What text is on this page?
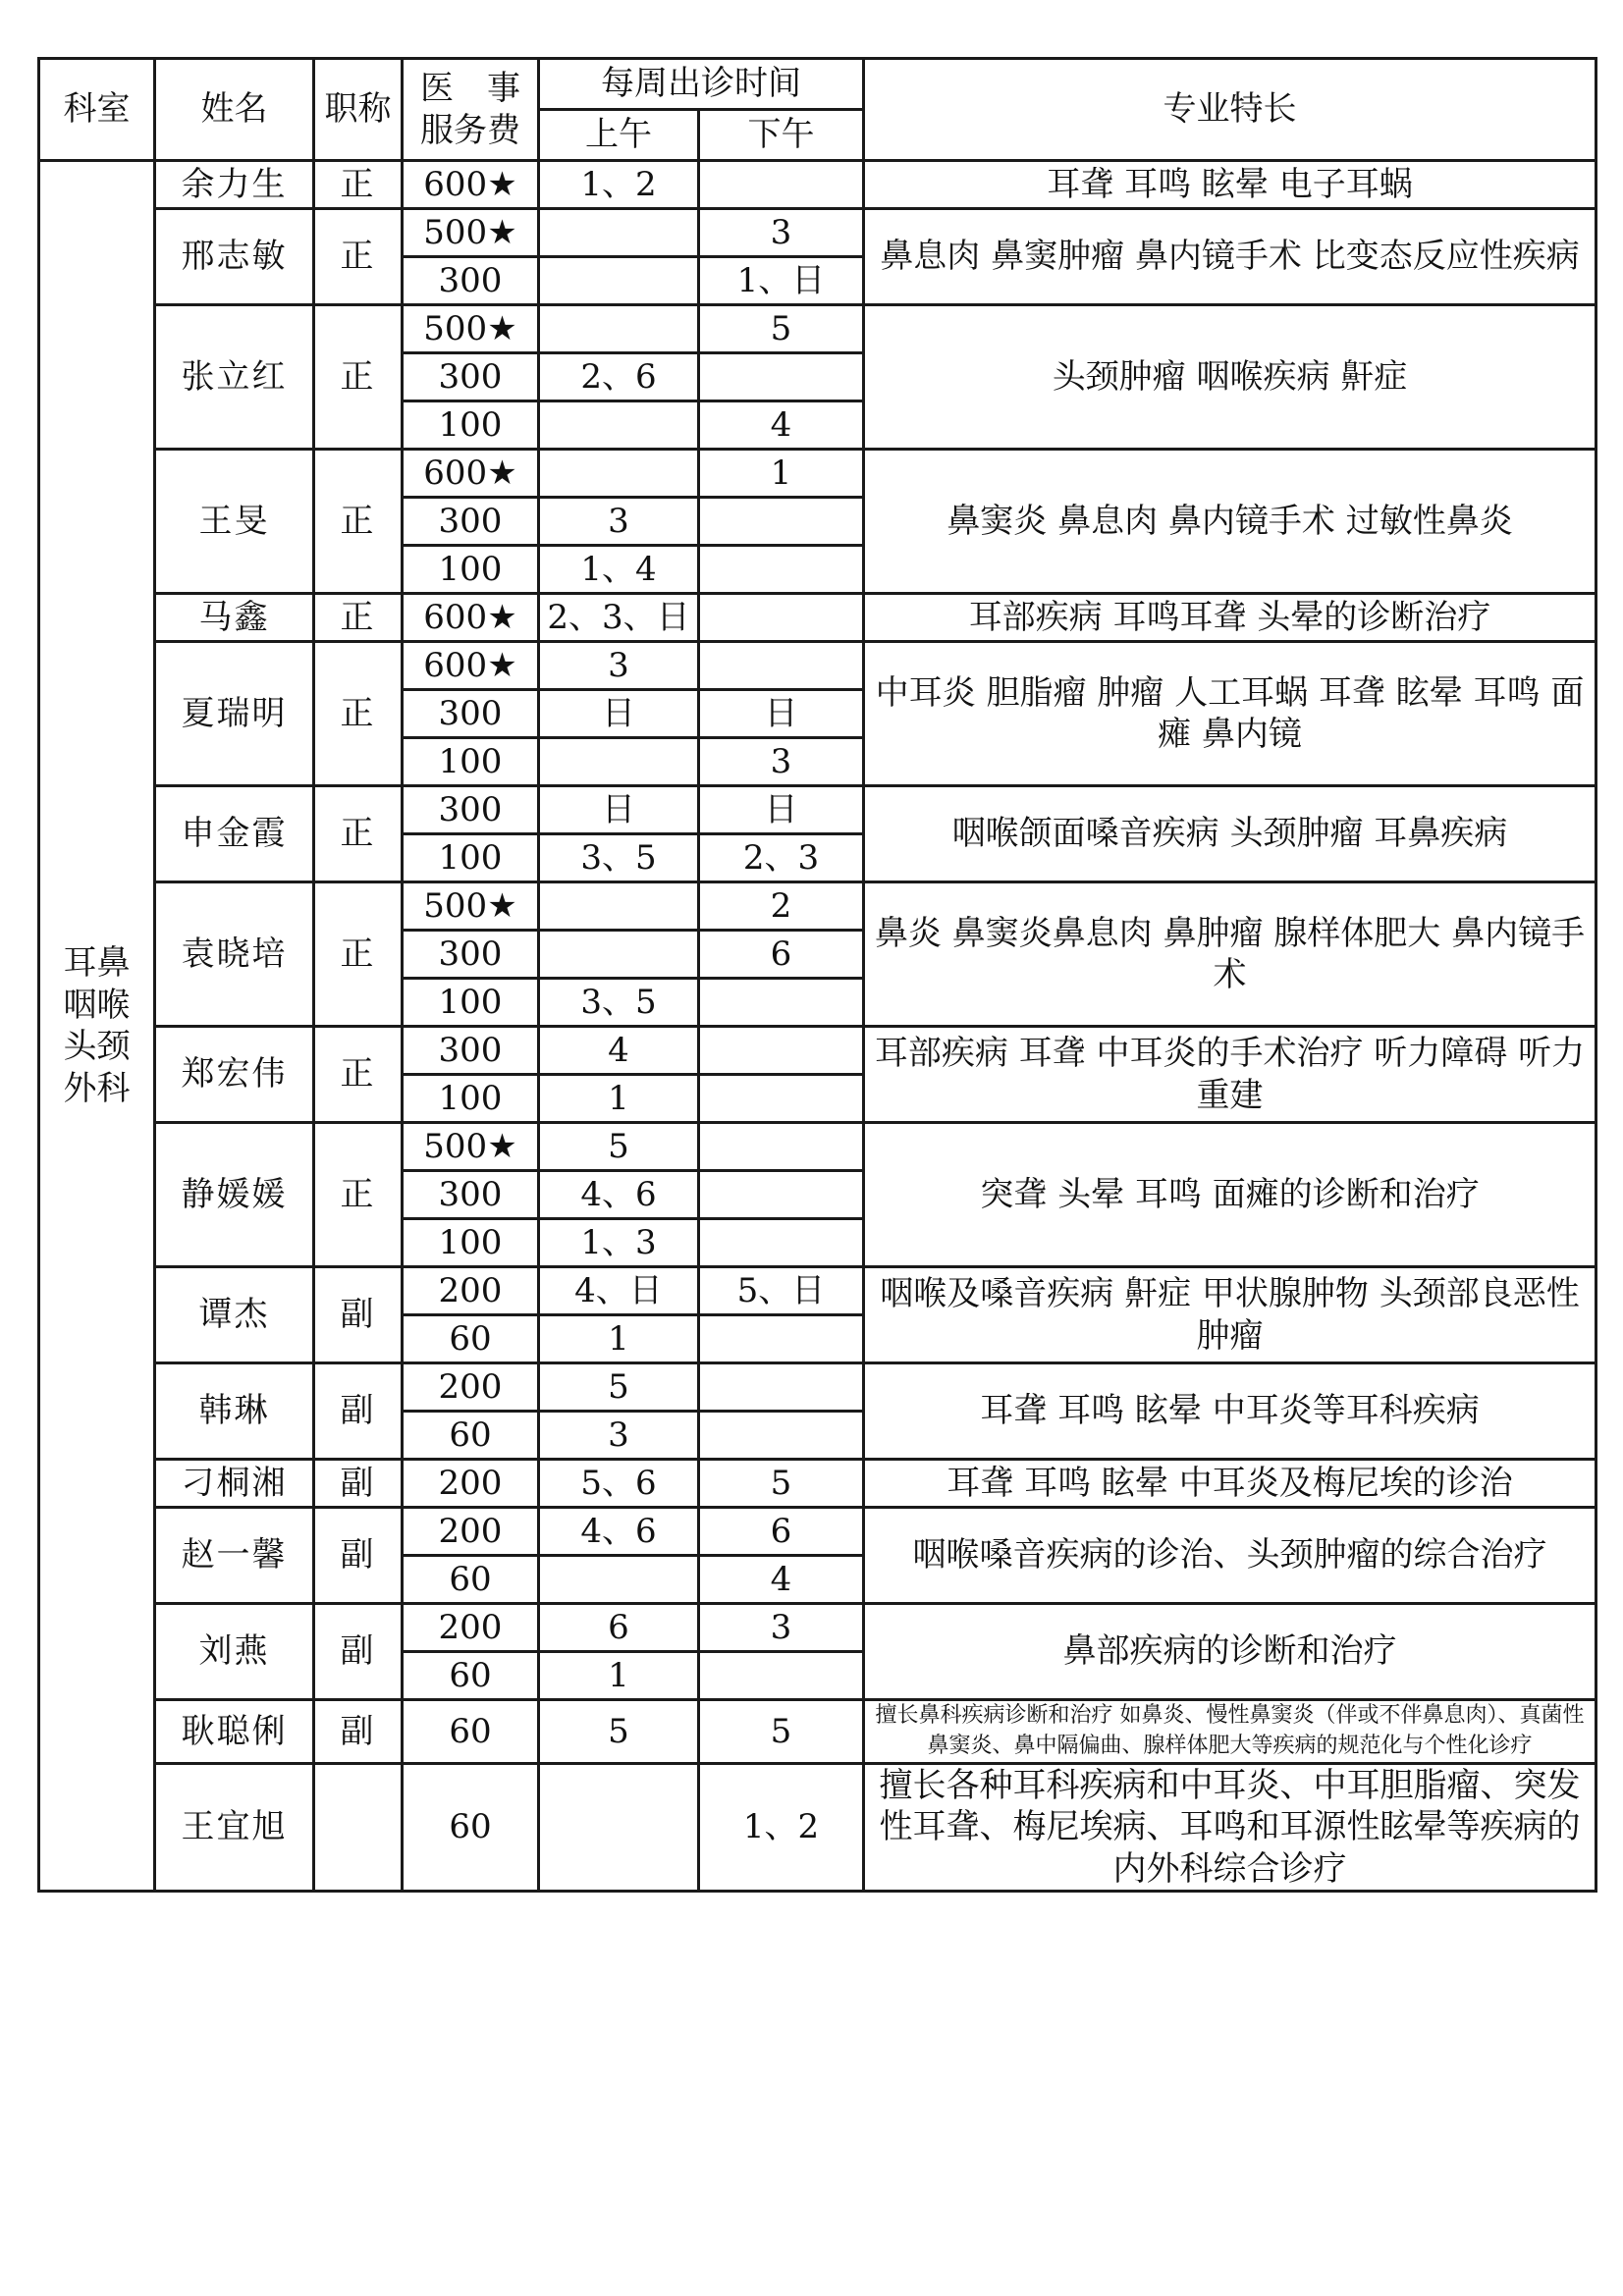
科室	姓名	职称	医　事
服务费	每周出诊时间		专业特长
				上午	下午	
耳鼻咽喉头颈外科	余力生	正	600★	1、2		耳聋 耳鸣 眩晕 电子耳蜗
	邢志敏	正	500★		3	鼻息肉 鼻窦肿瘤 鼻内镜手术 比变态反应性疾病
			300		1、日	
	张立红	正	500★		5	头颈肿瘤 咽喉疾病 鼾症
			300	2、6		
			100		4	
	王旻	正	600★		1	鼻窦炎 鼻息肉 鼻内镜手术 过敏性鼻炎
			300	3		
			100	1、4		
	马鑫	正	600★	2、3、日		耳部疾病 耳鸣耳聋 头晕的诊断治疗
	夏瑞明	正	600★	3		中耳炎 胆脂瘤 肿瘤 人工耳蜗 耳聋 眩晕 耳鸣 面瘫 鼻内镜
			300	日	日	
			100		3	
	申金霞	正	300	日	日	咽喉颌面嗓音疾病 头颈肿瘤 耳鼻疾病
			100	3、5	2、3	
	袁晓培	正	500★		2	鼻炎 鼻窦炎鼻息肉 鼻肿瘤 腺样体肥大 鼻内镜手术
			300		6	
			100	3、5		
	郑宏伟	正	300	4		耳部疾病 耳聋 中耳炎的手术治疗 听力障碍 听力重建
			100	1		
	静媛媛	正	500★	5		突聋 头晕 耳鸣 面瘫的诊断和治疗
			300	4、6		
			100	1、3		
	谭杰	副	200	4、日	5、日	咽喉及嗓音疾病 鼾症 甲状腺肿物 头颈部良恶性肿瘤
			60	1		
	韩琳	副	200	5		耳聋 耳鸣 眩晕 中耳炎等耳科疾病
			60	3		
	刁桐湘	副	200	5、6	5	耳聋 耳鸣 眩晕 中耳炎及梅尼埃的诊治
	赵一馨	副	200	4、6	6	咽喉嗓音疾病的诊治、头颈肿瘤的综合治疗
			60		4	
	刘燕	副	200	6	3	鼻部疾病的诊断和治疗
			60	1		
	耿聪俐	副	60	5	5	擅长鼻科疾病诊断和治疗 如鼻炎、慢性鼻窦炎（伴或不伴鼻息肉）、真菌性鼻窦炎、鼻中隔偏曲、腺样体肥大等疾病的规范化与个性化诊疗
	王宜旭		60		1、2	擅长各种耳科疾病和中耳炎、中耳胆脂瘤、突发性耳聋、梅尼埃病、耳鸣和耳源性眩晕等疾病的内外科综合诊疗
